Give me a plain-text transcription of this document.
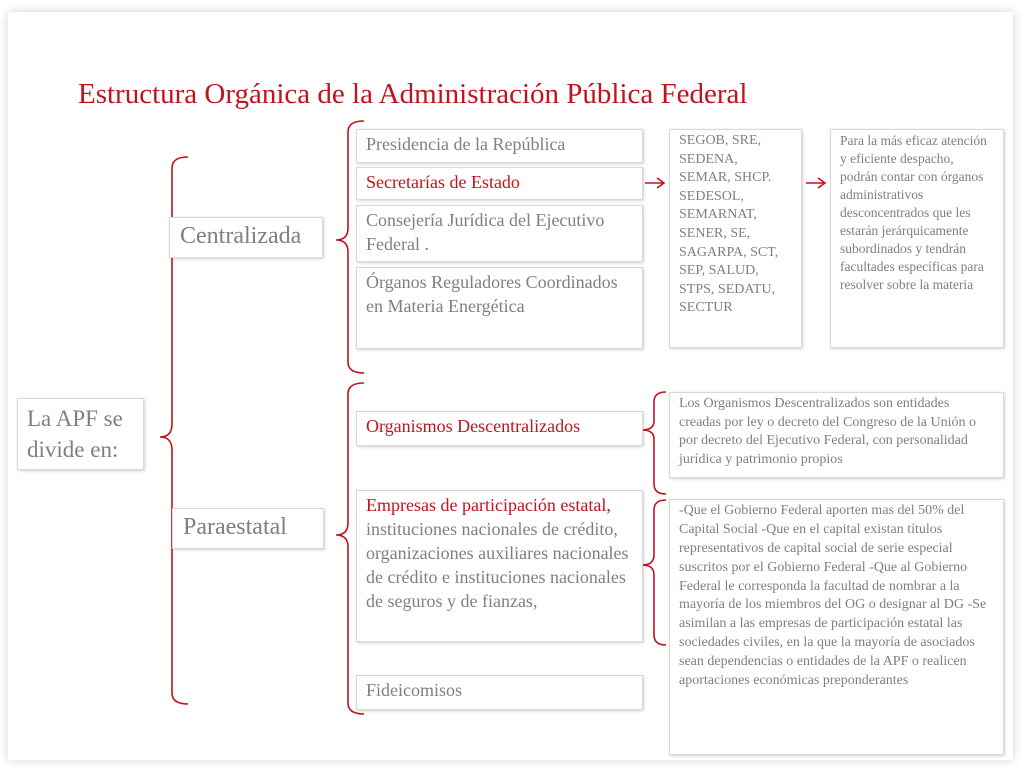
Estructura Orgánica de la Administración Pública Federal
La APF se divide en:
Centralizada
Paraestatal
Presidencia de la República
Secretarías de Estado
Consejería Jurídica del Ejecutivo Federal .
Órganos Reguladores Coordinados en Materia Energética
SEGOB, SRE, SEDENA, SEMAR, SHCP. SEDESOL, SEMARNAT, SENER, SE, SAGARPA, SCT, SEP, SALUD, STPS, SEDATU, SECTUR
Para la más eficaz atención y eficiente despacho, podrán contar con órganos administrativos desconcentrados que les estarán jerárquicamente subordinados y tendrán facultades específicas para resolver sobre la materia
Organismos Descentralizados
Empresas de participación estatal, instituciones nacionales de crédito, organizaciones auxiliares nacionales de crédito e instituciones nacionales de seguros y de fianzas,
Fideicomisos
Los Organismos Descentralizados son entidades creadas por ley o decreto del Congreso de la Unión o por decreto del Ejecutivo Federal, con personalidad jurídica y patrimonio propios
-Que el Gobierno Federal aporten mas del 50% del Capital Social -Que en el capital existan títulos representativos de capital social de serie especial suscritos por el Gobierno Federal -Que al Gobierno Federal le corresponda la facultad de nombrar a la mayoría de los miembros del OG o designar al DG -Se asimilan a las empresas de participación estatal las sociedades civiles, en la que la mayoría de asociados sean dependencias o entidades de la APF o realicen aportaciones económicas preponderantes
